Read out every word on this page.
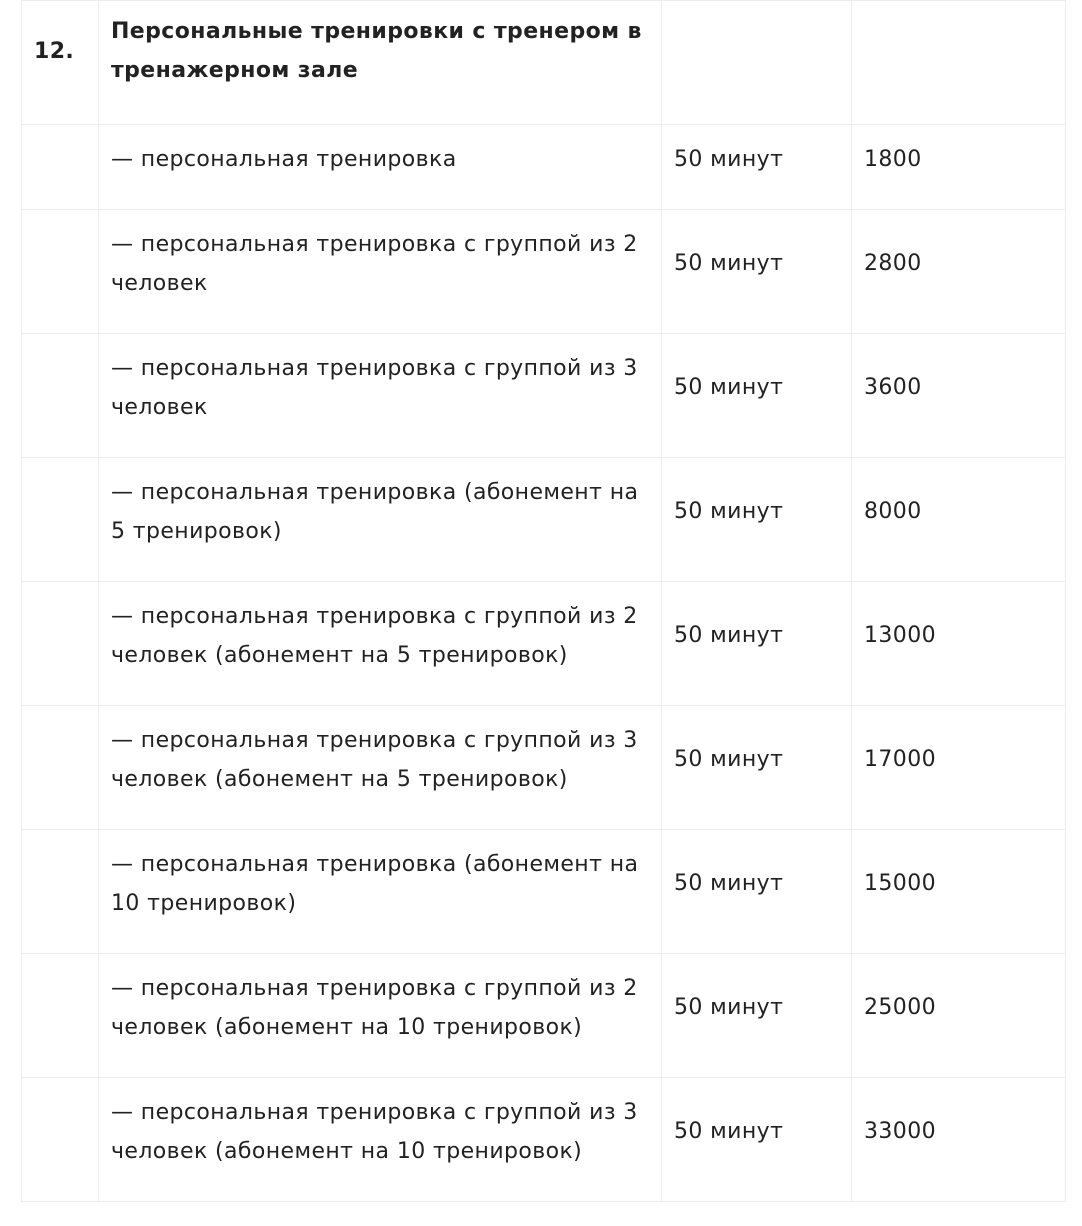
12.	Персональные тренировки с тренером в тренажерном зале		
	— персональная тренировка	50 минут	1800
	— персональная тренировка с группой из 2 человек	50 минут	2800
	— персональная тренировка с группой из 3 человек	50 минут	3600
	— персональная тренировка (абонемент на 5 тренировок)	50 минут	8000
	— персональная тренировка с группой из 2 человек (абонемент на 5 тренировок)	50 минут	13000
	— персональная тренировка с группой из 3 человек (абонемент на 5 тренировок)	50 минут	17000
	— персональная тренировка (абонемент на 10 тренировок)	50 минут	15000
	— персональная тренировка с группой из 2 человек (абонемент на 10 тренировок)	50 минут	25000
	— персональная тренировка с группой из 3 человек (абонемент на 10 тренировок)	50 минут	33000
